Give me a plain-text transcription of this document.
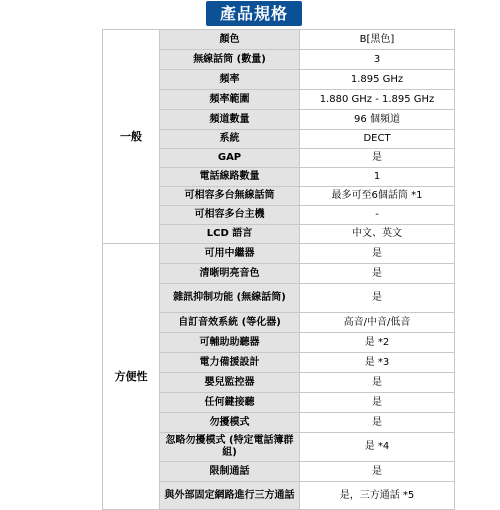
產品規格
一般	顏色	B[黑色]
	無線話筒 (數量)	3
	頻率	1.895 GHz
	頻率範圍	1.880 GHz - 1.895 GHz
	頻道數量	96 個頻道
	系統	DECT
	GAP	是
	電話線路數量	1
	可相容多台無線話筒	最多可至6個話筒 *1
	可相容多台主機	-
	LCD 語言	中文、英文
方便性	可用中繼器	是
	清晰明亮音色	是
	雜訊抑制功能 (無線話筒)	是
	自訂音效系統 (等化器)	高音/中音/低音
	可輔助助聽器	是 *2
	電力備援設計	是 *3
	嬰兒監控器	是
	任何鍵接聽	是
	勿擾模式	是
	忽略勿擾模式 (特定電話簿群組)	是 *4
	限制通話	是
	與外部固定網路進行三方通話	是，三方通話 *5
